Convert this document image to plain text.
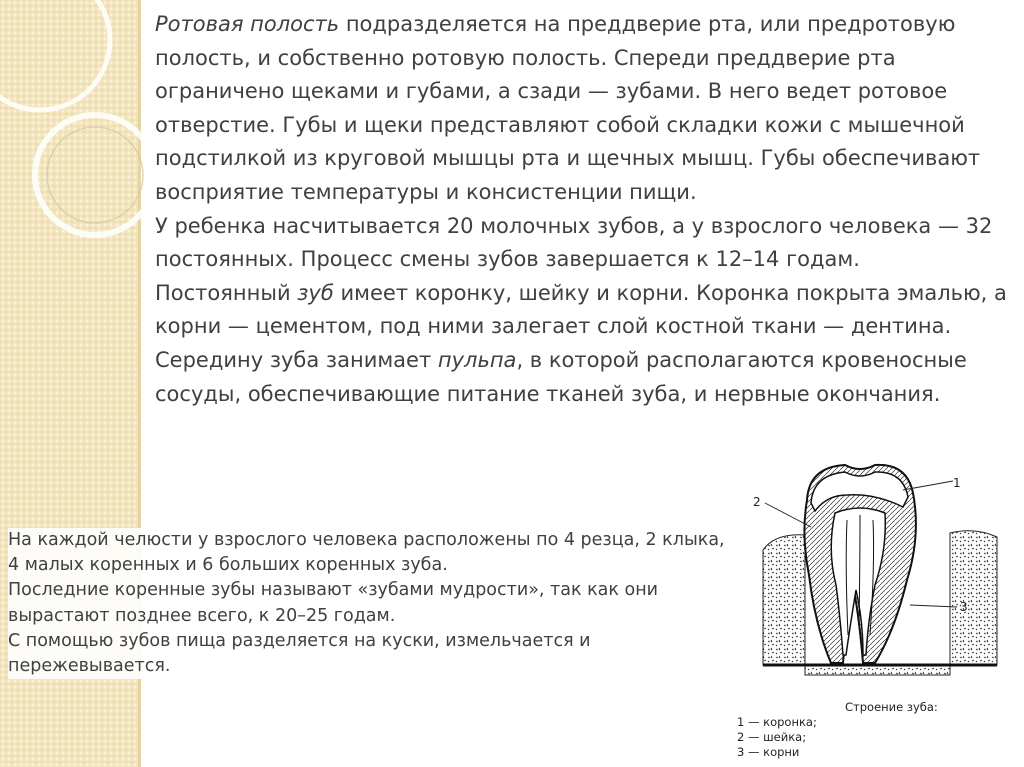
Ротовая полость подразделяется на преддверие рта, или предротовую полость, и собственно ротовую полость. Спереди преддверие рта ограничено щеками и губами, а сзади — зубами. В него ведет ротовое отверстие. Губы и щеки представляют собой складки кожи с мышечной подстилкой из круговой мышцы рта и щечных мышц. Губы обеспечивают восприятие температуры и консистенции пищи.

У ребенка насчитывается 20 молочных зубов, а у взрослого человека — 32 постоянных. Процесс смены зубов завершается к 12–14 годам.

Постоянный зуб имеет коронку, шейку и корни. Коронка покрыта эмалью, а корни — цементом, под ними залегает слой костной ткани — дентина. Середину зуба занимает пульпа, в которой располагаются кровеносные сосуды, обеспечивающие питание тканей зуба, и нервные окончания.

На каждой челюсти у взрослого человека расположены по 4 резца, 2 клыка, 4 малых коренных и 6 больших коренных зуба.

Последние коренные зубы называют «зубами мудрости», так как они вырастают позднее всего, к 20–25 годам.

С помощью зубов пища разделяется на куски, измельчается и пережевывается.

1
2
3
Строение зуба:
1 — коронка;
2 — шейка;
3 — корни
